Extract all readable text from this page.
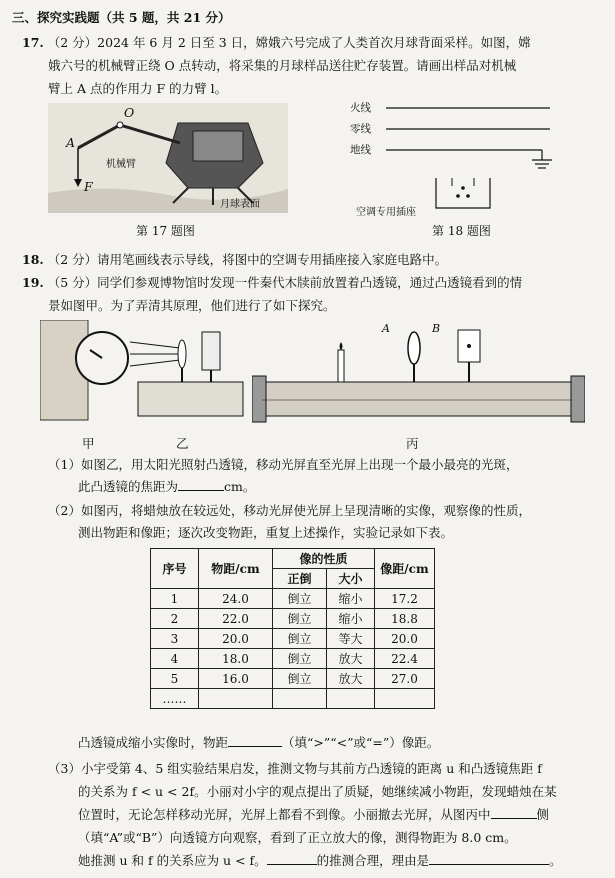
三、探究实践题（共 5 题，共 21 分）
17. （2 分）2024 年 6 月 2 日至 3 日，嫦娥六号完成了人类首次月球背面采样。如图，嫦
娥六号的机械臂正绕 O 点转动，将采集的月球样品送往贮存装置。请画出样品对机械
臂上 A 点的作用力 F 的力臂 l。
O
A
F
机械臂
月球表面
第 17 题图
火线
零线
地线
空调专用插座
第 18 题图
18. （2 分）请用笔画线表示导线，将图中的空调专用插座接入家庭电路中。
19. （5 分）同学们参观博物馆时发现一件秦代木牍前放置着凸透镜，通过凸透镜看到的情
景如图甲。为了弄清其原理，他们进行了如下探究。
A	B
甲	乙	丙
（1）如图乙，用太阳光照射凸透镜，移动光屏直至光屏上出现一个最小最亮的光斑，
此凸透镜的焦距为	cm。
（2）如图丙，将蜡烛放在较远处，移动光屏使光屏上呈现清晰的实像，观察像的性质，
测出物距和像距；逐次改变物距，重复上述操作，实验记录如下表。
序号	物距/cm	像的性质		像距/cm
		正倒	大小	
1	24.0	倒立	缩小	17.2
2	22.0	倒立	缩小	18.8
3	20.0	倒立	等大	20.0
4	18.0	倒立	放大	22.4
5	16.0	倒立	放大	27.0
……				
凸透镜成缩小实像时，物距	（填“>”“<”或“=”）像距。
（3）小宇受第 4、5 组实验结果启发，推测文物与其前方凸透镜的距离 u 和凸透镜焦距 f
的关系为 f < u < 2f。小丽对小宇的观点提出了质疑，她继续减小物距，发现蜡烛在某
位置时，无论怎样移动光屏，光屏上都看不到像。小丽撤去光屏，从图丙中	侧
（填“A”或“B”）向透镜方向观察，看到了正立放大的像，测得物距为 8.0 cm。
她推测 u 和 f 的关系应为 u < f。	的推测合理，理由是	。
